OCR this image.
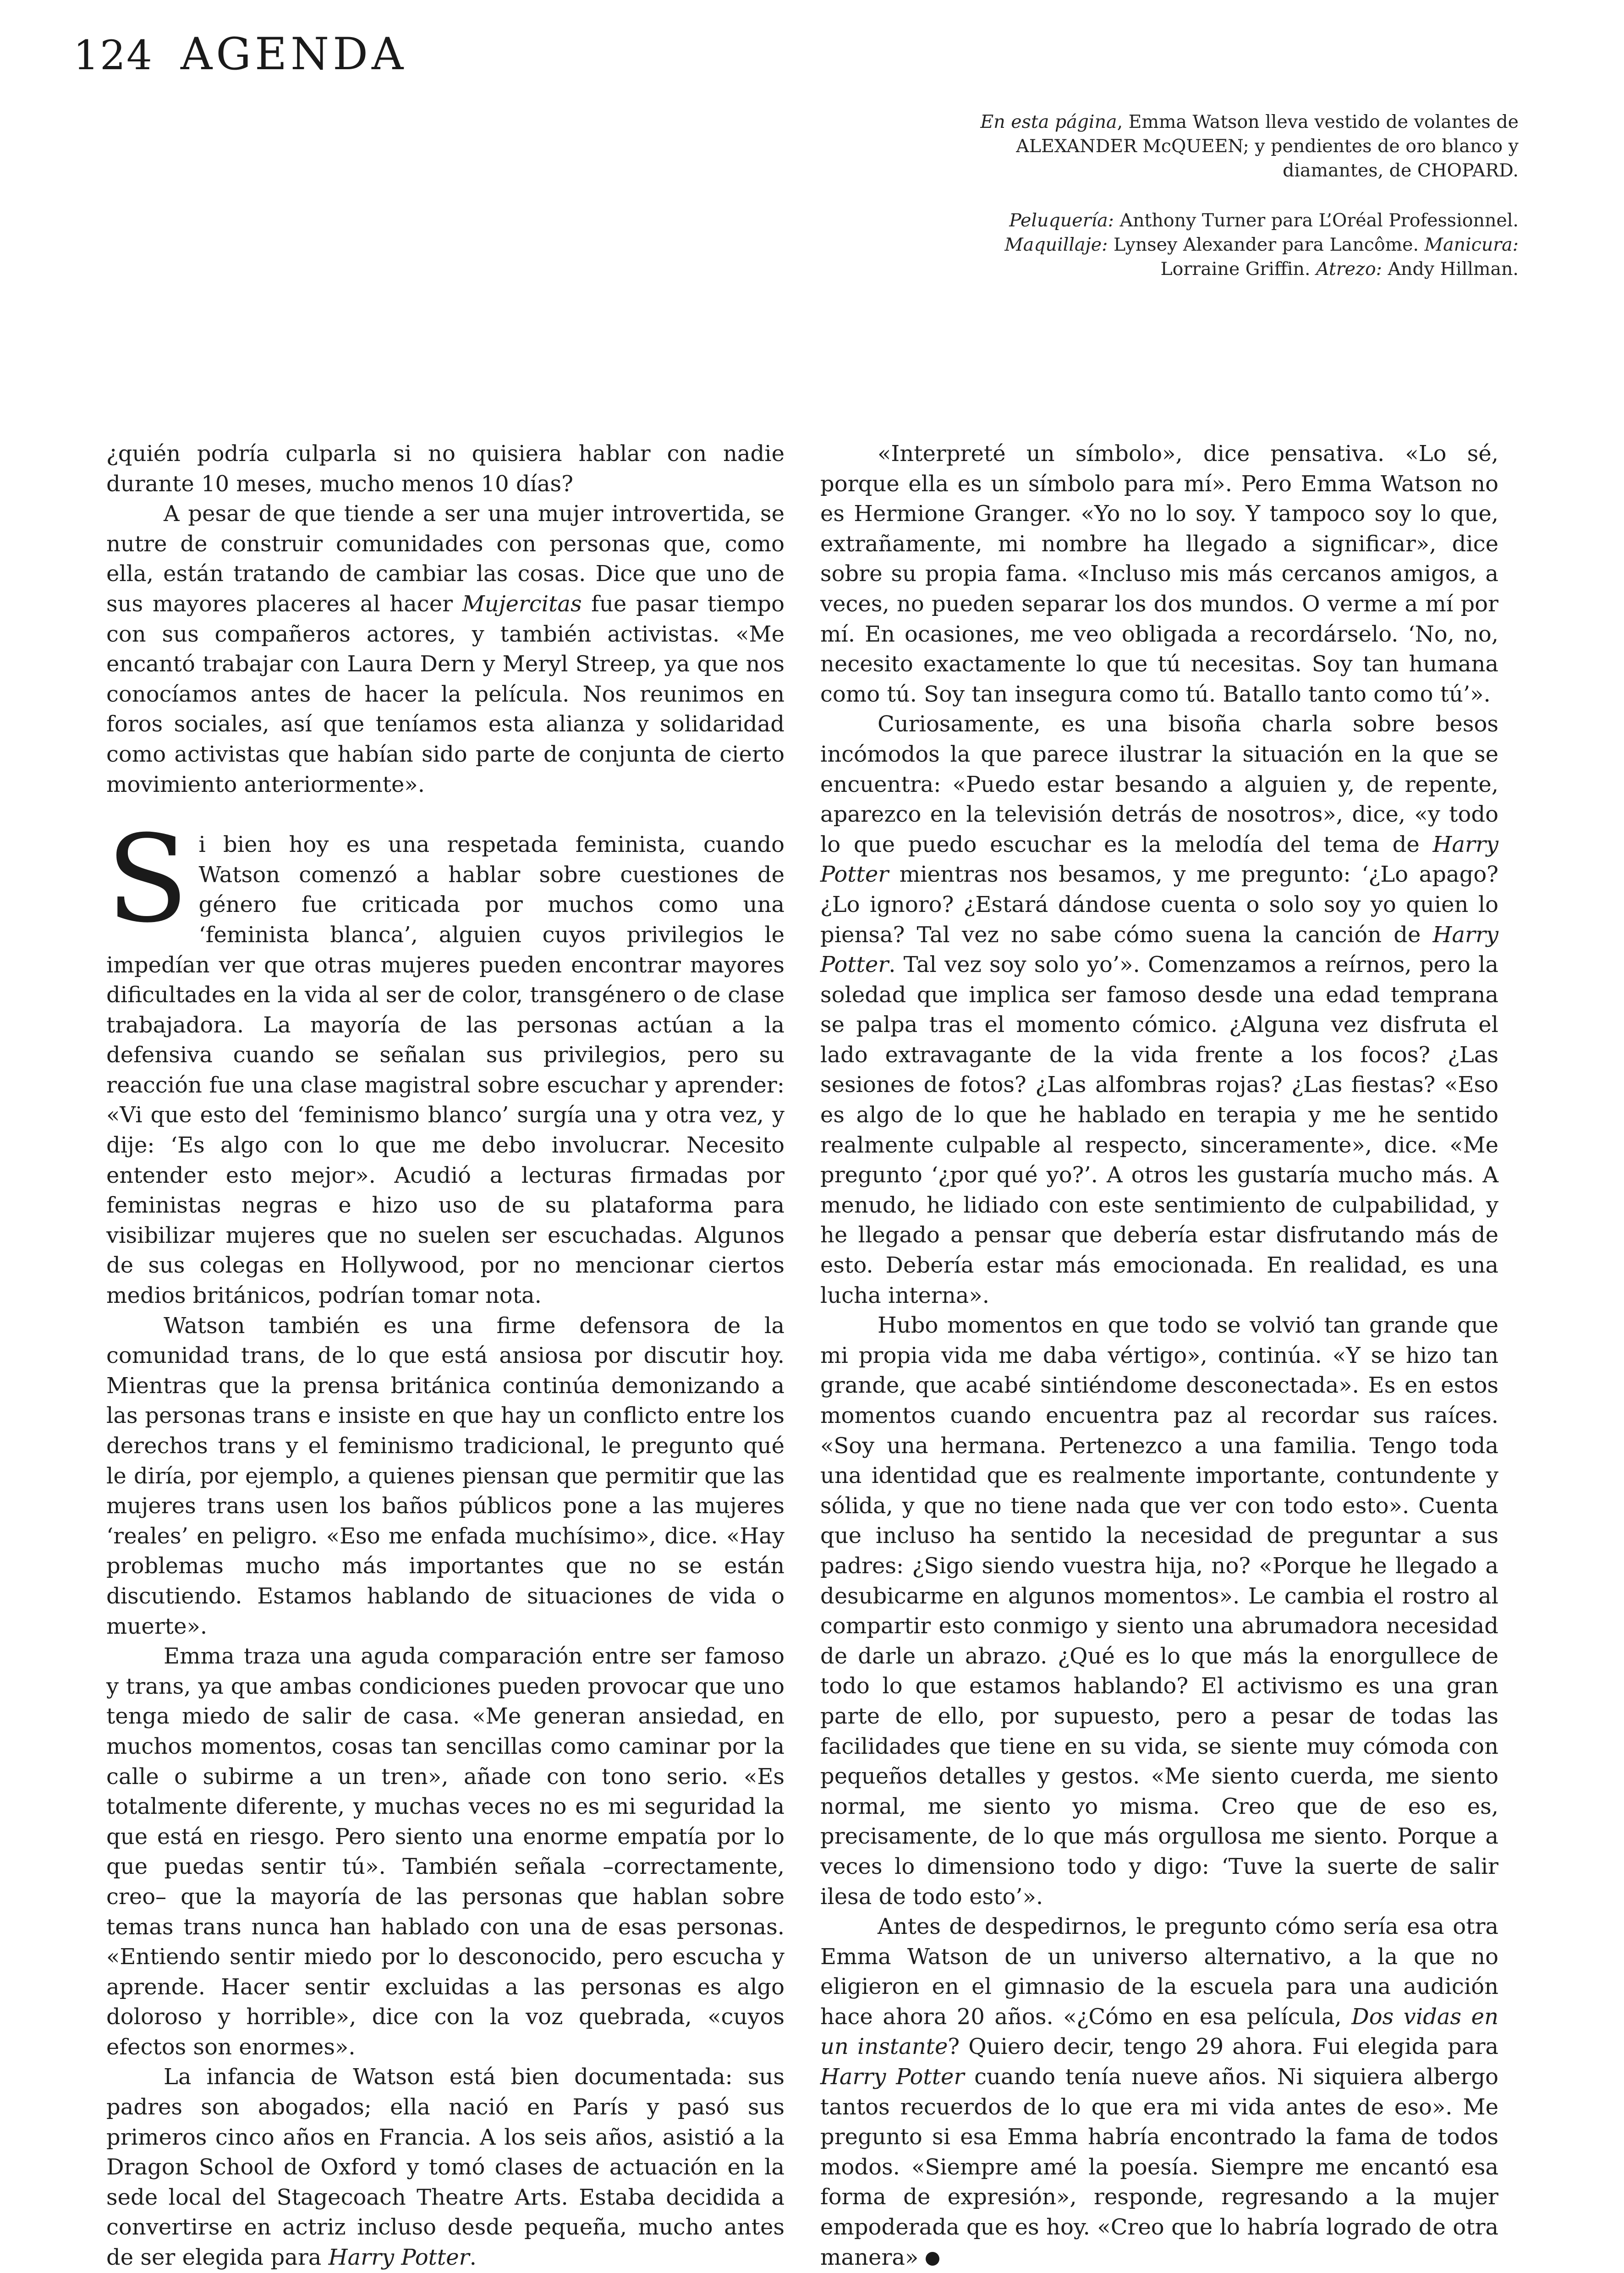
124 AGENDA

En esta página, Emma Watson lleva vestido de volantes de ALEXANDER McQUEEN; y pendientes de oro blanco y diamantes, de CHOPARD.

Peluquería: Anthony Turner para L’Oréal Professionnel. Maquillaje: Lynsey Alexander para Lancôme. Manicura: Lorraine Griffin. Atrezo: Andy Hillman.

¿quién podría culparla si no quisiera hablar con nadie durante 10 meses, mucho menos 10 días?

A pesar de que tiende a ser una mujer introvertida, se nutre de construir comunidades con personas que, como ella, están tratando de cambiar las cosas. Dice que uno de sus mayores placeres al hacer Mujercitas fue pasar tiempo con sus compañeros actores, y también activistas. «Me encantó trabajar con Laura Dern y Meryl Streep, ya que nos conocíamos antes de hacer la película. Nos reunimos en foros sociales, así que teníamos esta alianza y solidaridad como activistas que habían sido parte de conjunta de cierto movimiento anteriormente».

Si bien hoy es una respetada feminista, cuando Watson comenzó a hablar sobre cuestiones de género fue criticada por muchos como una ‘feminista blanca’, alguien cuyos privilegios le impedían ver que otras mujeres pueden encontrar mayores dificultades en la vida al ser de color, transgénero o de clase trabajadora. La mayoría de las personas actúan a la defensiva cuando se señalan sus privilegios, pero su reacción fue una clase magistral sobre escuchar y aprender: «Vi que esto del ‘feminismo blanco’ surgía una y otra vez, y dije: ‘Es algo con lo que me debo involucrar. Necesito entender esto mejor». Acudió a lecturas firmadas por feministas negras e hizo uso de su plataforma para visibilizar mujeres que no suelen ser escuchadas. Algunos de sus colegas en Hollywood, por no mencionar ciertos medios británicos, podrían tomar nota.

Watson también es una firme defensora de la comunidad trans, de lo que está ansiosa por discutir hoy. Mientras que la prensa británica continúa demonizando a las personas trans e insiste en que hay un conflicto entre los derechos trans y el feminismo tradicional, le pregunto qué le diría, por ejemplo, a quienes piensan que permitir que las mujeres trans usen los baños públicos pone a las mujeres ‘reales’ en peligro. «Eso me enfada muchísimo», dice. «Hay problemas mucho más importantes que no se están discutiendo. Estamos hablando de situaciones de vida o muerte».

Emma traza una aguda comparación entre ser famoso y trans, ya que ambas condiciones pueden provocar que uno tenga miedo de salir de casa. «Me generan ansiedad, en muchos momentos, cosas tan sencillas como caminar por la calle o subirme a un tren», añade con tono serio. «Es totalmente diferente, y muchas veces no es mi seguridad la que está en riesgo. Pero siento una enorme empatía por lo que puedas sentir tú». También señala –correctamente, creo– que la mayoría de las personas que hablan sobre temas trans nunca han hablado con una de esas personas. «Entiendo sentir miedo por lo desconocido, pero escucha y aprende. Hacer sentir excluidas a las personas es algo doloroso y horrible», dice con la voz quebrada, «cuyos efectos son enormes».

La infancia de Watson está bien documentada: sus padres son abogados; ella nació en París y pasó sus primeros cinco años en Francia. A los seis años, asistió a la Dragon School de Oxford y tomó clases de actuación en la sede local del Stagecoach Theatre Arts. Estaba decidida a convertirse en actriz incluso desde pequeña, mucho antes de ser elegida para Harry Potter.

«Interpreté un símbolo», dice pensativa. «Lo sé, porque ella es un símbolo para mí». Pero Emma Watson no es Hermione Granger. «Yo no lo soy. Y tampoco soy lo que, extrañamente, mi nombre ha llegado a significar», dice sobre su propia fama. «Incluso mis más cercanos amigos, a veces, no pueden separar los dos mundos. O verme a mí por mí. En ocasiones, me veo obligada a recordárselo. ‘No, no, necesito exactamente lo que tú necesitas. Soy tan humana como tú. Soy tan insegura como tú. Batallo tanto como tú’».

Curiosamente, es una bisoña charla sobre besos incómodos la que parece ilustrar la situación en la que se encuentra: «Puedo estar besando a alguien y, de repente, aparezco en la televisión detrás de nosotros», dice, «y todo lo que puedo escuchar es la melodía del tema de Harry Potter mientras nos besamos, y me pregunto: ‘¿Lo apago? ¿Lo ignoro? ¿Estará dándose cuenta o solo soy yo quien lo piensa? Tal vez no sabe cómo suena la canción de Harry Potter. Tal vez soy solo yo’». Comenzamos a reírnos, pero la soledad que implica ser famoso desde una edad temprana se palpa tras el momento cómico. ¿Alguna vez disfruta el lado extravagante de la vida frente a los focos? ¿Las sesiones de fotos? ¿Las alfombras rojas? ¿Las fiestas? «Eso es algo de lo que he hablado en terapia y me he sentido realmente culpable al respecto, sinceramente», dice. «Me pregunto ‘¿por qué yo?’. A otros les gustaría mucho más. A menudo, he lidiado con este sentimiento de culpabilidad, y he llegado a pensar que debería estar disfrutando más de esto. Debería estar más emocionada. En realidad, es una lucha interna».

Hubo momentos en que todo se volvió tan grande que mi propia vida me daba vértigo», continúa. «Y se hizo tan grande, que acabé sintiéndome desconectada». Es en estos momentos cuando encuentra paz al recordar sus raíces. «Soy una hermana. Pertenezco a una familia. Tengo toda una identidad que es realmente importante, contundente y sólida, y que no tiene nada que ver con todo esto». Cuenta que incluso ha sentido la necesidad de preguntar a sus padres: ¿Sigo siendo vuestra hija, no? «Porque he llegado a desubicarme en algunos momentos». Le cambia el rostro al compartir esto conmigo y siento una abrumadora necesidad de darle un abrazo. ¿Qué es lo que más la enorgullece de todo lo que estamos hablando? El activismo es una gran parte de ello, por supuesto, pero a pesar de todas las facilidades que tiene en su vida, se siente muy cómoda con pequeños detalles y gestos. «Me siento cuerda, me siento normal, me siento yo misma. Creo que de eso es, precisamente, de lo que más orgullosa me siento. Porque a veces lo dimensiono todo y digo: ‘Tuve la suerte de salir ilesa de todo esto’».

Antes de despedirnos, le pregunto cómo sería esa otra Emma Watson de un universo alternativo, a la que no eligieron en el gimnasio de la escuela para una audición hace ahora 20 años. «¿Cómo en esa película, Dos vidas en un instante? Quiero decir, tengo 29 ahora. Fui elegida para Harry Potter cuando tenía nueve años. Ni siquiera albergo tantos recuerdos de lo que era mi vida antes de eso». Me pregunto si esa Emma habría encontrado la fama de todos modos. «Siempre amé la poesía. Siempre me encantó esa forma de expresión», responde, regresando a la mujer empoderada que es hoy. «Creo que lo habría logrado de otra manera»
